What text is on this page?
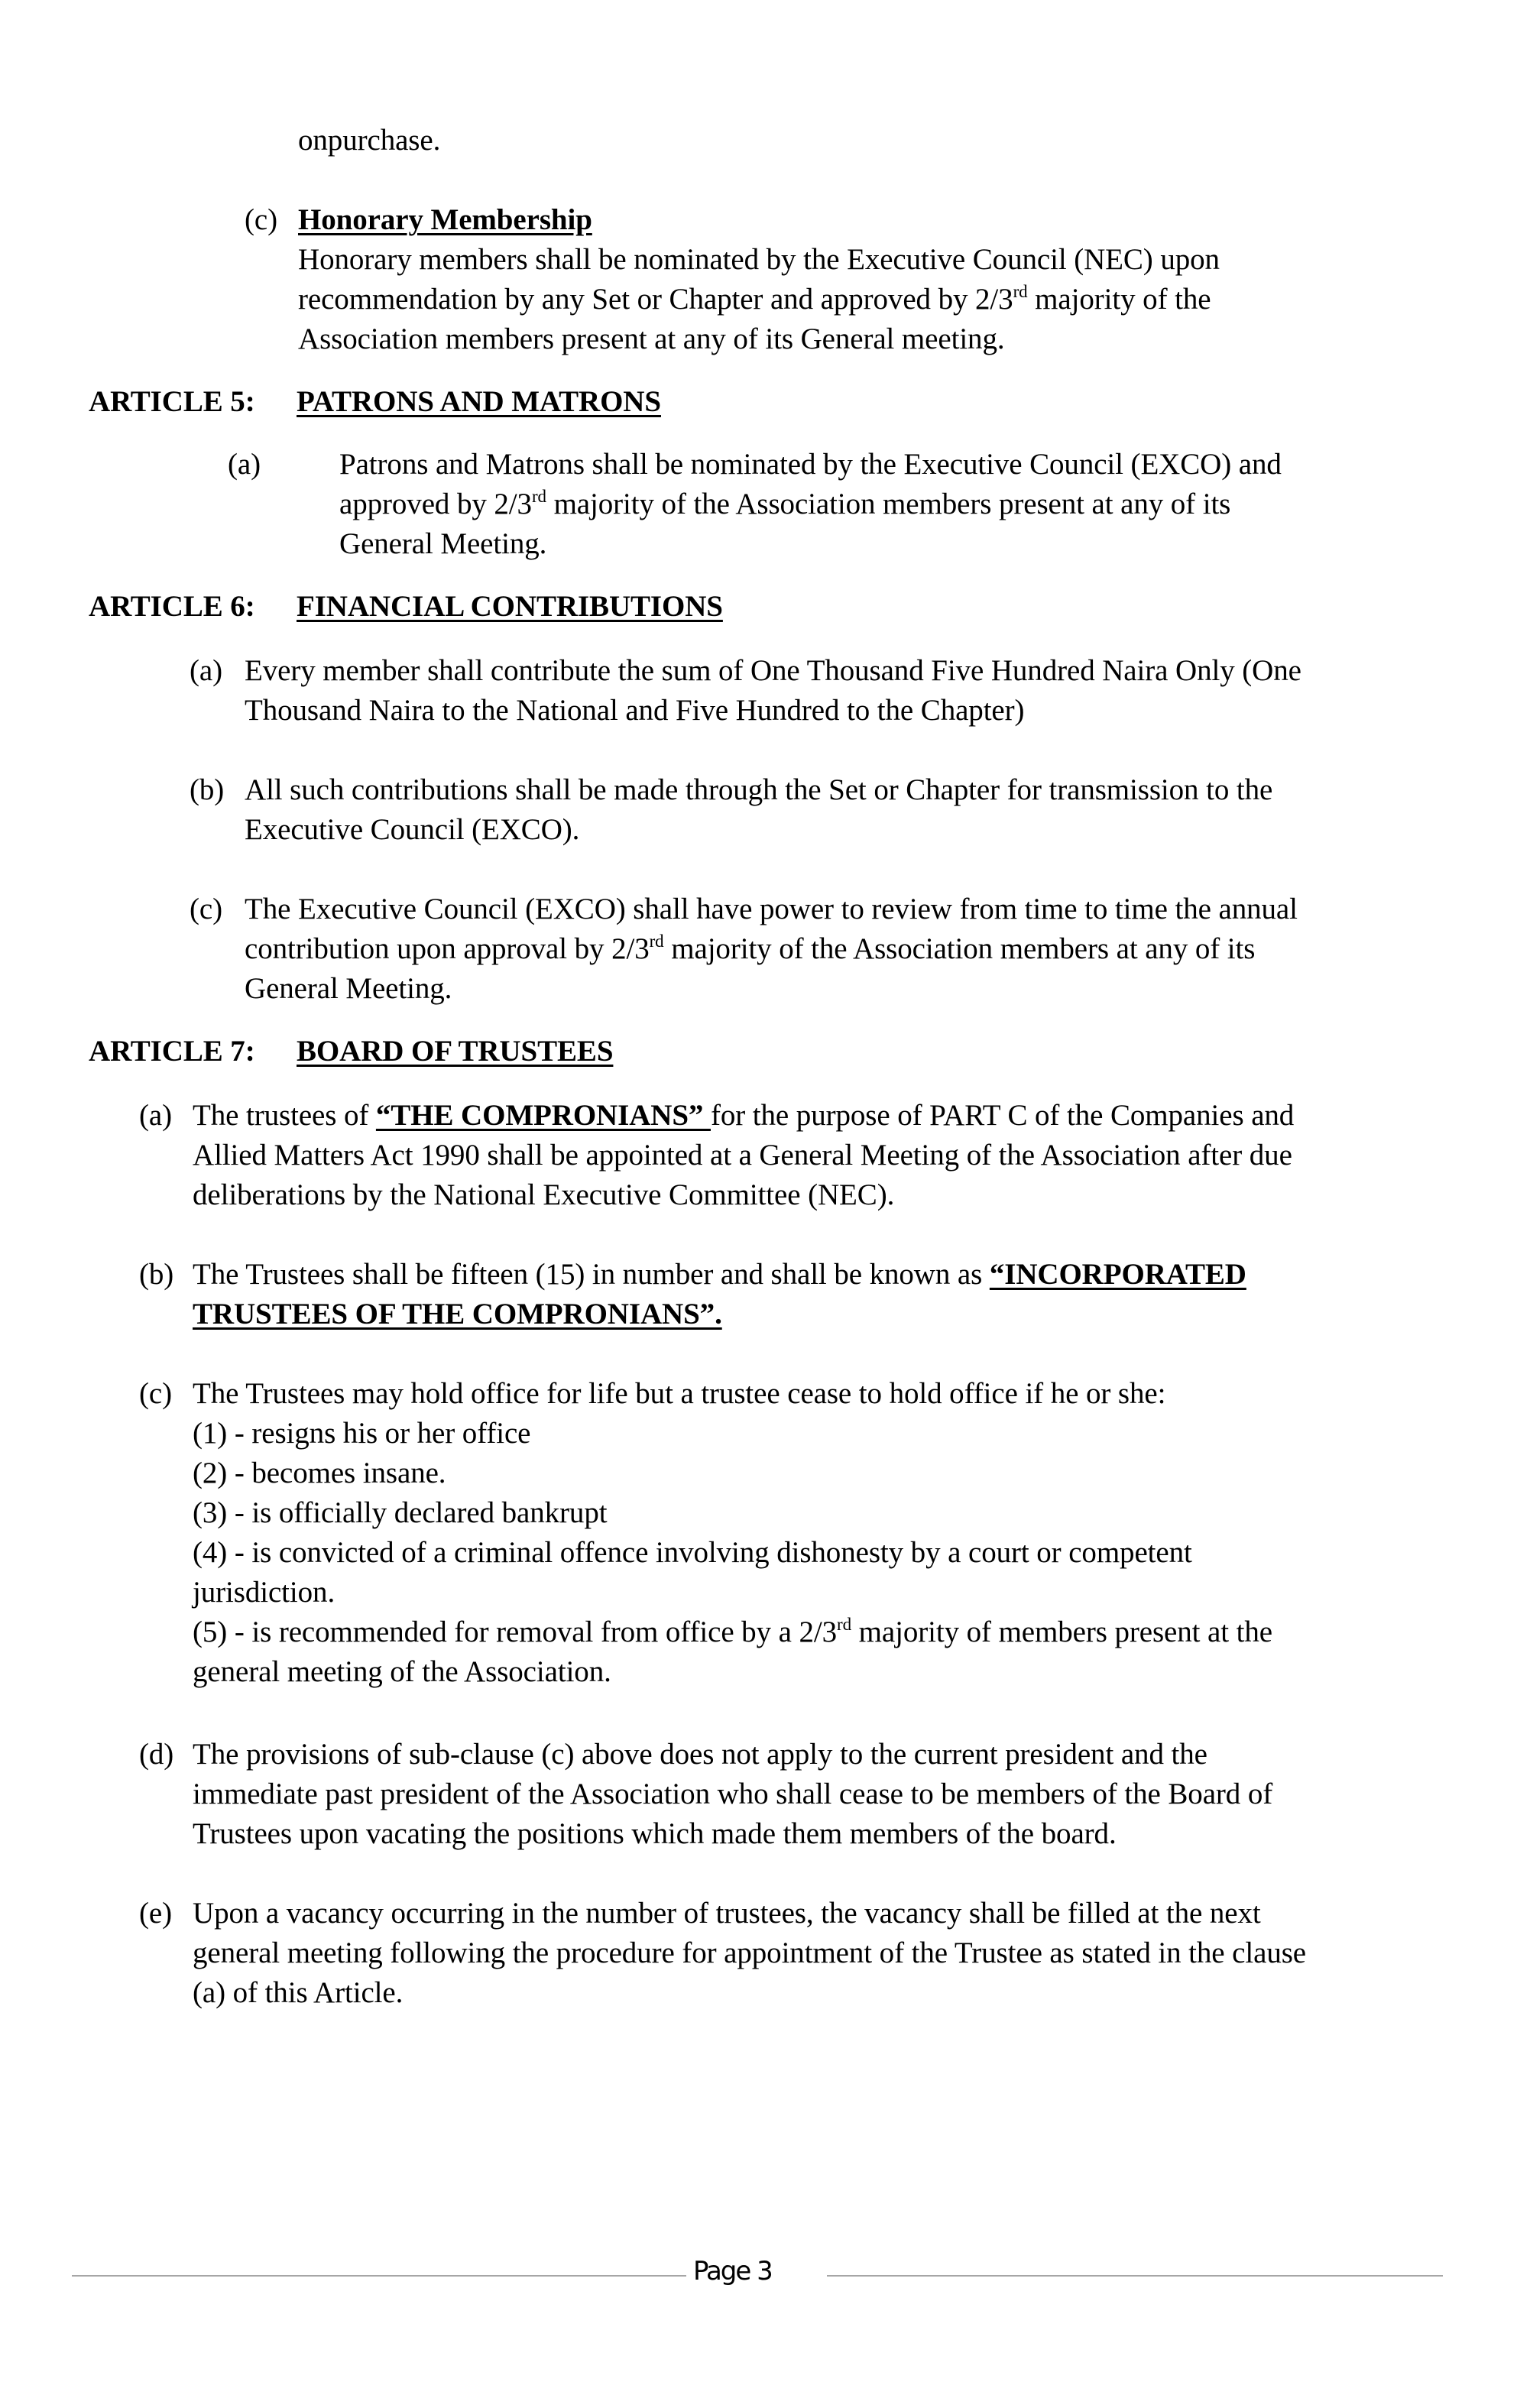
onpurchase.
(c) Honorary Membership
Honorary members shall be nominated by the Executive Council (NEC) upon
recommendation by any Set or Chapter and approved by 2/3rd majority of the
Association members present at any of its General meeting.
ARTICLE 5: PATRONS AND MATRONS
(a)	Patrons and Matrons shall be nominated by the Executive Council (EXCO) and
approved by 2/3rd majority of the Association members present at any of its
General Meeting.
ARTICLE 6: FINANCIAL CONTRIBUTIONS
(a) Every member shall contribute the sum of One Thousand Five Hundred Naira Only (One
Thousand Naira to the National and Five Hundred to the Chapter)
(b) All such contributions shall be made through the Set or Chapter for transmission to the
Executive Council (EXCO).
(c) The Executive Council (EXCO) shall have power to review from time to time the annual
contribution upon approval by 2/3rd majority of the Association members at any of its
General Meeting.
ARTICLE 7: BOARD OF TRUSTEES
(a) The trustees of “THE COMPRONIANS” for the purpose of PART C of the Companies and
Allied Matters Act 1990 shall be appointed at a General Meeting of the Association after due
deliberations by the National Executive Committee (NEC).
(b) The Trustees shall be fifteen (15) in number and shall be known as “INCORPORATED
TRUSTEES OF THE COMPRONIANS”.
(c) The Trustees may hold office for life but a trustee cease to hold office if he or she:
(1) - resigns his or her office
(2) - becomes insane.
(3) - is officially declared bankrupt
(4) - is convicted of a criminal offence involving dishonesty by a court or competent
jurisdiction.
(5) - is recommended for removal from office by a 2/3rd majority of members present at the
general meeting of the Association.
(d) The provisions of sub-clause (c) above does not apply to the current president and the
immediate past president of the Association who shall cease to be members of the Board of
Trustees upon vacating the positions which made them members of the board.
(e) Upon a vacancy occurring in the number of trustees, the vacancy shall be filled at the next
general meeting following the procedure for appointment of the Trustee as stated in the clause
(a) of this Article.
Page 3
